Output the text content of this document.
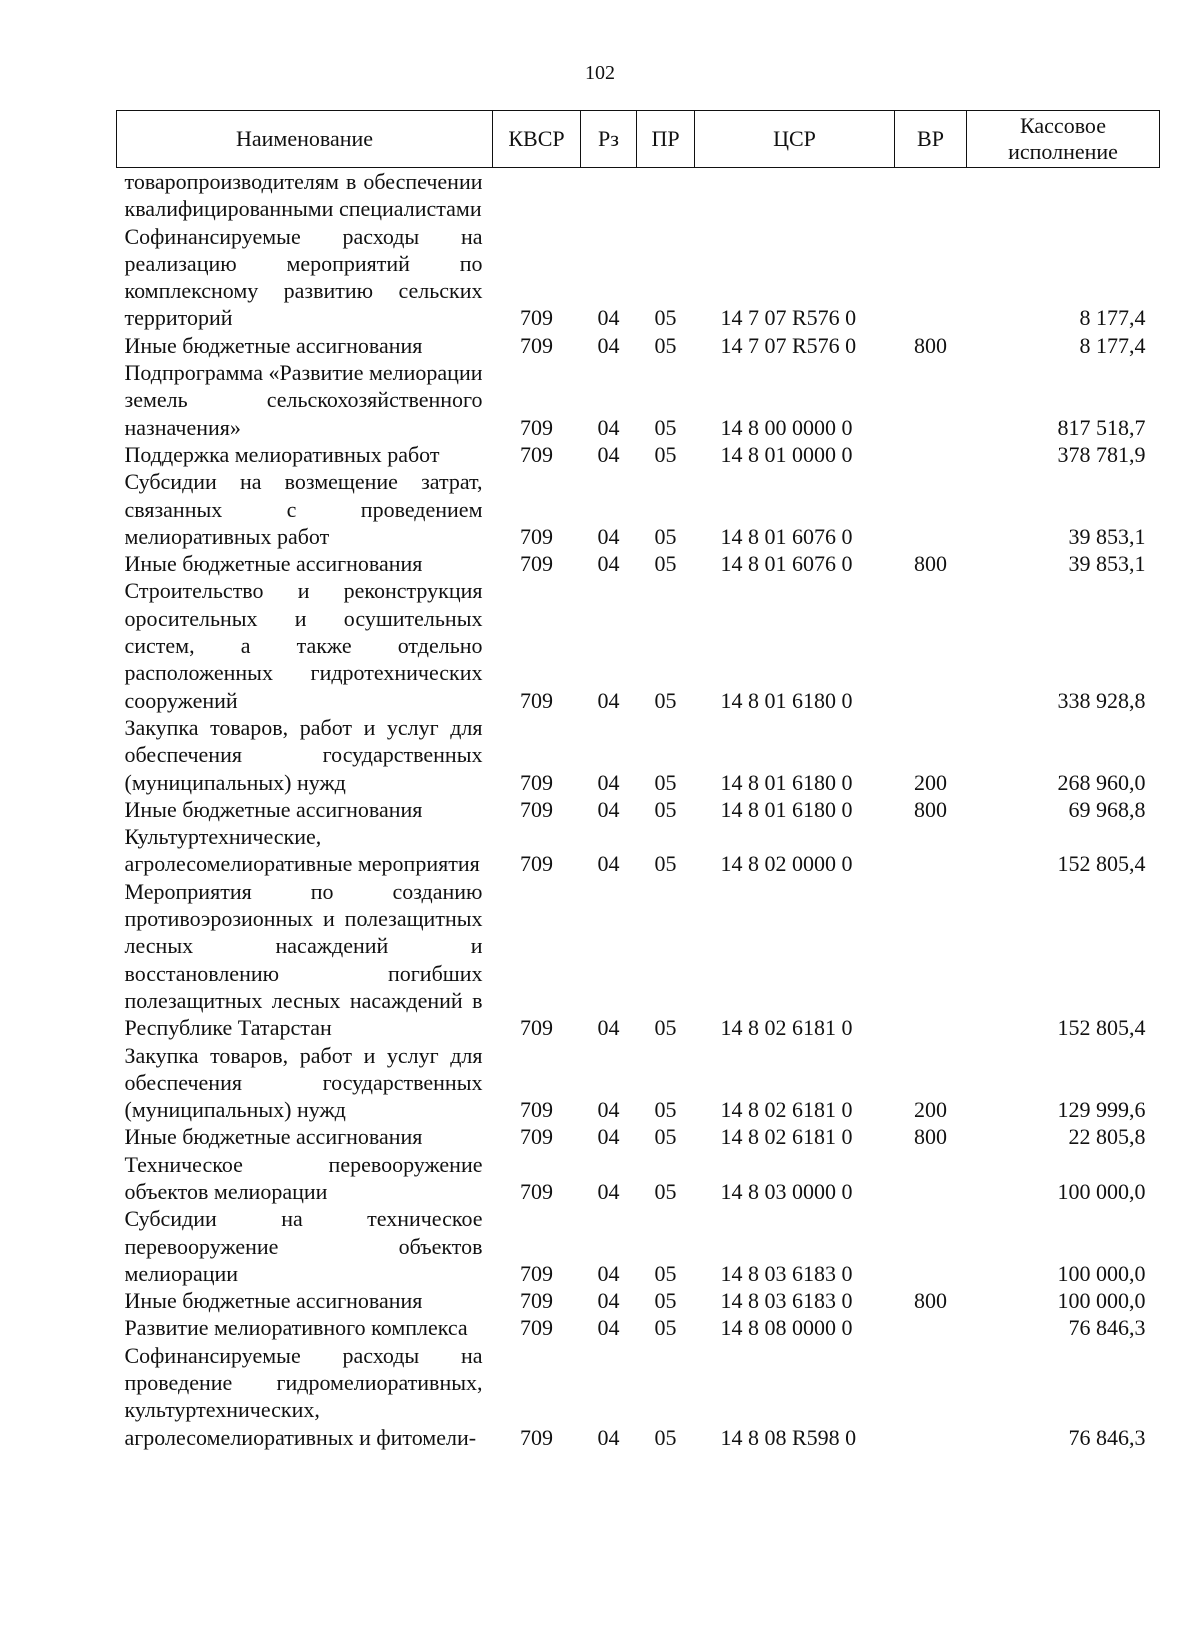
102
Наименование	КВСР	Рз	ПР	ЦСР	ВР	Кассовое исполнение
товаропроизводителям в обеспечении квалифицированными специалистами						
Софинансируемые расходы на реализацию мероприятий по комплексному развитию сельских территорий	709	04	05	14 7 07 R576 0		8 177,4
Иные бюджетные ассигнования	709	04	05	14 7 07 R576 0	800	8 177,4
Подпрограмма «Развитие мелиорации земель сельскохозяйственного назначения»	709	04	05	14 8 00 0000 0		817 518,7
Поддержка мелиоративных работ	709	04	05	14 8 01 0000 0		378 781,9
Субсидии на возмещение затрат, связанных с проведением мелиоративных работ	709	04	05	14 8 01 6076 0		39 853,1
Иные бюджетные ассигнования	709	04	05	14 8 01 6076 0	800	39 853,1
Строительство и реконструкция оросительных и осушительных систем, а также отдельно расположенных гидротехнических сооружений	709	04	05	14 8 01 6180 0		338 928,8
Закупка товаров, работ и услуг для обеспечения государственных (муниципальных) нужд	709	04	05	14 8 01 6180 0	200	268 960,0
Иные бюджетные ассигнования	709	04	05	14 8 01 6180 0	800	69 968,8
Культуртехнические, агролесомелиоративные мероприятия	709	04	05	14 8 02 0000 0		152 805,4
Мероприятия по созданию противоэрозионных и полезащитных лесных насаждений и восстановлению погибших полезащитных лесных насаждений в Республике Татарстан	709	04	05	14 8 02 6181 0		152 805,4
Закупка товаров, работ и услуг для обеспечения государственных (муниципальных) нужд	709	04	05	14 8 02 6181 0	200	129 999,6
Иные бюджетные ассигнования	709	04	05	14 8 02 6181 0	800	22 805,8
Техническое перевооружение объектов мелиорации	709	04	05	14 8 03 0000 0		100 000,0
Субсидии на техническое перевооружение объектов мелиорации	709	04	05	14 8 03 6183 0		100 000,0
Иные бюджетные ассигнования	709	04	05	14 8 03 6183 0	800	100 000,0
Развитие мелиоративного комплекса	709	04	05	14 8 08 0000 0		76 846,3
Софинансируемые расходы на проведение гидромелиоративных, культуртехнических, агролесомелиоративных и фитомели-	709	04	05	14 8 08 R598 0		76 846,3
